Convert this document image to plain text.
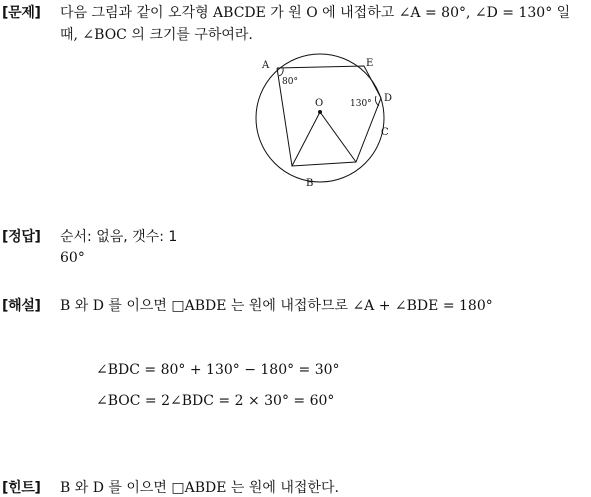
[문제] 다음 그림과 같이 오각형 ABCDE 가 원 O 에 내접하고 ∠A = 80°, ∠D = 130° 일
때, ∠BOC 의 크기를 구하여라.
A	E
D
C
B
O
80°
130°
[정답] 순서: 없음, 갯수: 1
60°
[해설] B 와 D 를 이으면 □ABDE 는 원에 내접하므로 ∠A + ∠BDE = 180°
∠BDC = 80° + 130° − 180° = 30°
∠BOC = 2∠BDC = 2 × 30° = 60°
[힌트] B 와 D 를 이으면 □ABDE 는 원에 내접한다.
